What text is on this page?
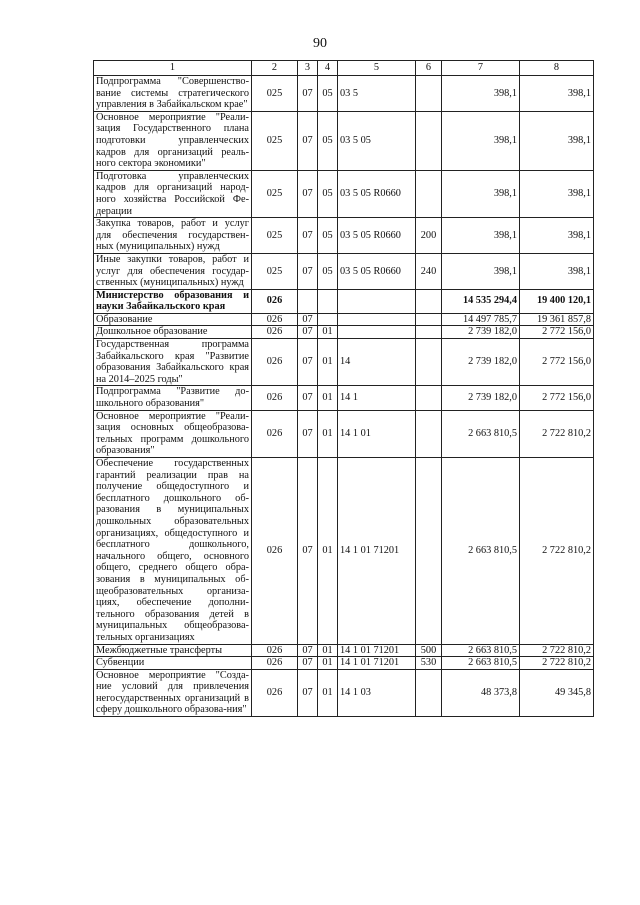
90
1	2	3	4	5	6	7	8
Подпрограмма "Совершенство-вание системы стратегического управления в Забайкальском крае"	025	07	05	03 5		398,1	398,1
Основное мероприятие "Реали-зация Государственного плана подготовки управленческих кадров для организаций реаль-ного сектора экономики"	025	07	05	03 5 05		398,1	398,1
Подготовка управленческих кадров для организаций народ-ного хозяйства Российской Фе-дерации	025	07	05	03 5 05 R0660		398,1	398,1
Закупка товаров, работ и услуг для обеспечения государствен-ных (муниципальных) нужд	025	07	05	03 5 05 R0660	200	398,1	398,1
Иные закупки товаров, работ и услуг для обеспечения государ-ственных (муниципальных) нужд	025	07	05	03 5 05 R0660	240	398,1	398,1
Министерство образования и науки Забайкальского края	026					14 535 294,4	19 400 120,1
Образование	026	07				14 497 785,7	19 361 857,8
Дошкольное образование	026	07	01			2 739 182,0	2 772 156,0
Государственная программа Забайкальского края "Развитие образования Забайкальского края на 2014–2025 годы"	026	07	01	14		2 739 182,0	2 772 156,0
Подпрограмма "Развитие до-школьного образования"	026	07	01	14 1		2 739 182,0	2 772 156,0
Основное мероприятие "Реали-зация основных общеобразова-тельных программ дошкольного образования"	026	07	01	14 1 01		2 663 810,5	2 722 810,2
Обеспечение государственных гарантий реализации прав на получение общедоступного и бесплатного дошкольного об-разования в муниципальных дошкольных образовательных организациях, общедоступного и бесплатного дошкольного, начального общего, основного общего, среднего общего обра-зования в муниципальных об-щеобразовательных организа-циях, обеспечение дополни-тельного образования детей в муниципальных общеобразова-тельных организациях	026	07	01	14 1 01 71201		2 663 810,5	2 722 810,2
Межбюджетные трансферты	026	07	01	14 1 01 71201	500	2 663 810,5	2 722 810,2
Субвенции	026	07	01	14 1 01 71201	530	2 663 810,5	2 722 810,2
Основное мероприятие "Созда-ние условий для привлечения негосударственных организаций в сферу дошкольного образова-ния"	026	07	01	14 1 03		48 373,8	49 345,8
